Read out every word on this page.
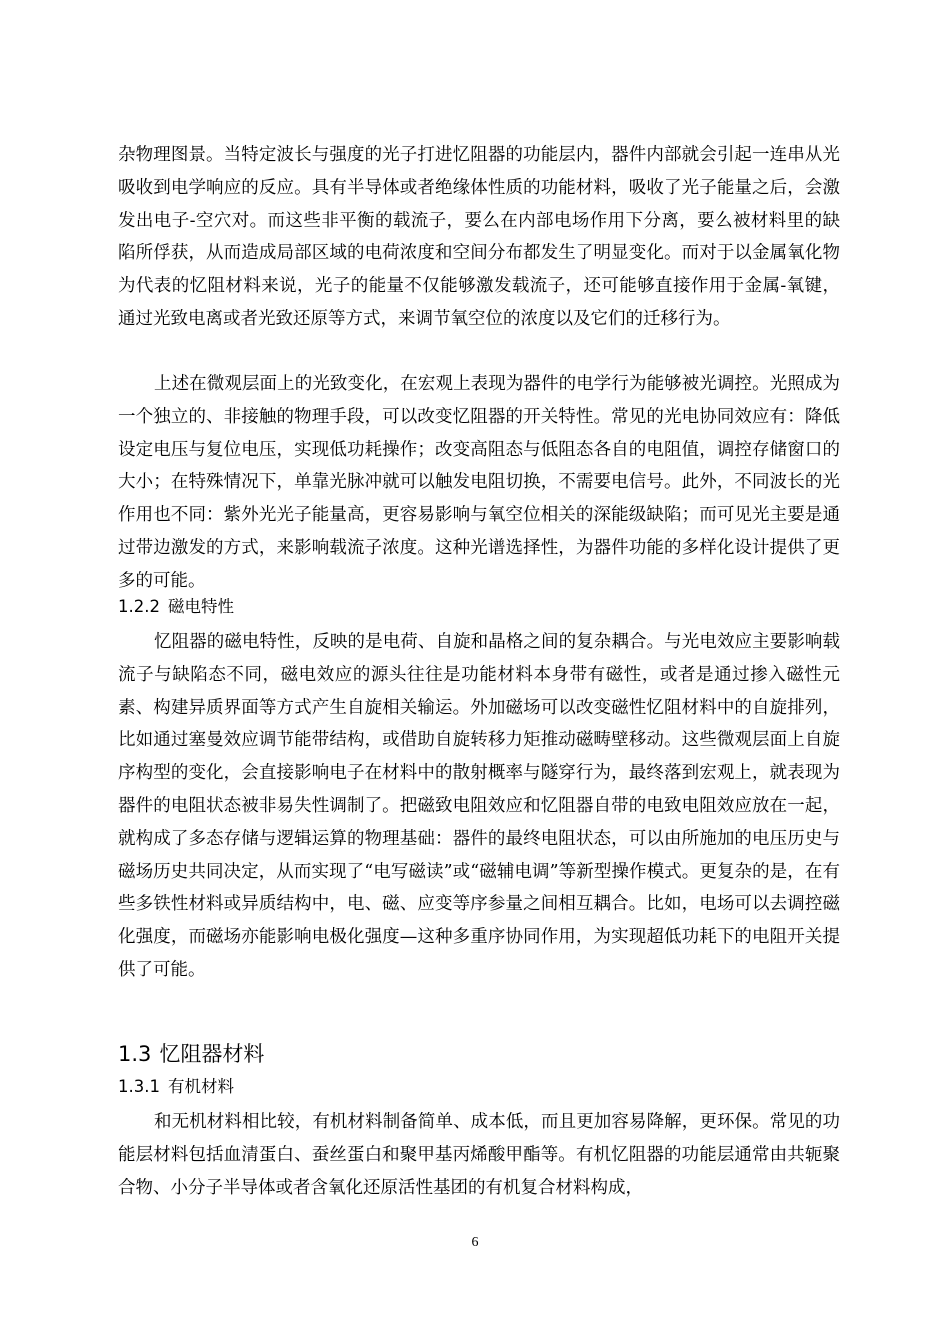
杂物理图景。当特定波长与强度的光子打进忆阻器的功能层内，器件内部就会引起一连串从光吸收到电学响应的反应。具有半导体或者绝缘体性质的功能材料，吸收了光子能量之后，会激发出电子-空穴对。而这些非平衡的载流子，要么在内部电场作用下分离，要么被材料里的缺陷所俘获，从而造成局部区域的电荷浓度和空间分布都发生了明显变化。而对于以金属氧化物为代表的忆阻材料来说，光子的能量不仅能够激发载流子，还可能够直接作用于金属-氧键，通过光致电离或者光致还原等方式，来调节氧空位的浓度以及它们的迁移行为。

上述在微观层面上的光致变化，在宏观上表现为器件的电学行为能够被光调控。光照成为一个独立的、非接触的物理手段，可以改变忆阻器的开关特性。常见的光电协同效应有：降低设定电压与复位电压，实现低功耗操作；改变高阻态与低阻态各自的电阻值，调控存储窗口的大小；在特殊情况下，单靠光脉冲就可以触发电阻切换，不需要电信号。此外，不同波长的光作用也不同：紫外光光子能量高，更容易影响与氧空位相关的深能级缺陷；而可见光主要是通过带边激发的方式，来影响载流子浓度。这种光谱选择性，为器件功能的多样化设计提供了更多的可能。

1.2.2 磁电特性

忆阻器的磁电特性，反映的是电荷、自旋和晶格之间的复杂耦合。与光电效应主要影响载流子与缺陷态不同，磁电效应的源头往往是功能材料本身带有磁性，或者是通过掺入磁性元素、构建异质界面等方式产生自旋相关输运。外加磁场可以改变磁性忆阻材料中的自旋排列，比如通过塞曼效应调节能带结构，或借助自旋转移力矩推动磁畴壁移动。这些微观层面上自旋序构型的变化，会直接影响电子在材料中的散射概率与隧穿行为，最终落到宏观上，就表现为器件的电阻状态被非易失性调制了。把磁致电阻效应和忆阻器自带的电致电阻效应放在一起，就构成了多态存储与逻辑运算的物理基础：器件的最终电阻状态，可以由所施加的电压历史与磁场历史共同决定，从而实现了“电写磁读”或“磁辅电调”等新型操作模式。更复杂的是，在有些多铁性材料或异质结构中，电、磁、应变等序参量之间相互耦合。比如，电场可以去调控磁化强度，而磁场亦能影响电极化强度—这种多重序协同作用，为实现超低功耗下的电阻开关提供了可能。

1.3 忆阻器材料
1.3.1 有机材料

和无机材料相比较，有机材料制备简单、成本低，而且更加容易降解，更环保。常见的功能层材料包括血清蛋白、蚕丝蛋白和聚甲基丙烯酸甲酯等。有机忆阻器的功能层通常由共轭聚合物、小分子半导体或者含氧化还原活性基团的有机复合材料构成，

6
